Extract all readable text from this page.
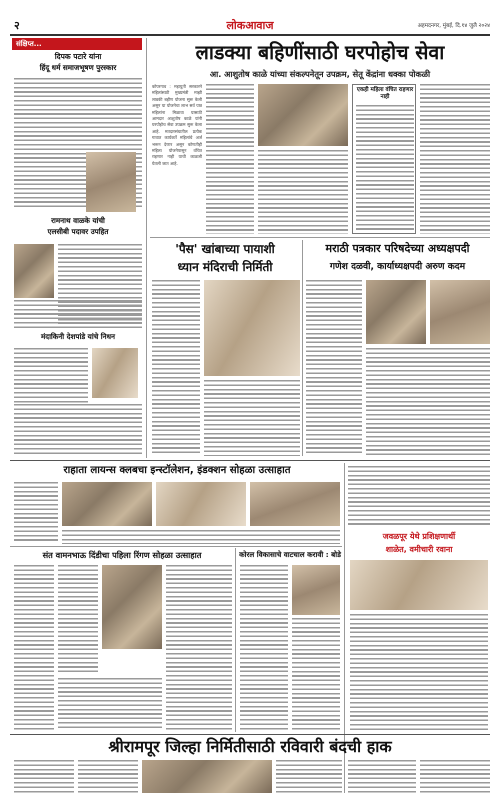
२	लोकआवाज	अहमदनगर, मुंबई, दि.१४ जुलै २०२४
संक्षिप्त...
दिपक पटारे यांना
हिंदू धर्म समाजभूषण पुरस्कार
रामनाथ वाळके यांची
एलसीबी पदावर उपहित
मंदाकिनी देशपांडे यांचे निधन
लाडक्या बहिणींसाठी घरपोहोच सेवा
आ. आशुतोष काळे यांच्या संकल्पनेतून उपक्रम, सेतू केंद्रांना धक्का पोकळी
कोपरगाव : महायुती सरकारने महिलांसाठी मुख्यमंत्री माझी लाडकी बहीण योजना सुरू केली असून या योजनेचा लाभ सर्व पात्र महिलांना मिळावा यासाठी आमदार आशुतोष काळे यांनी घरपोहोच सेवा उपक्रम सुरू केला आहे. मतदारसंघातील प्रत्येक गावात कार्यकर्ते महिलांचे अर्ज भरून देणार असून कोणतीही महिला योजनेपासून वंचित राहणार नाही याची काळजी घेतली जात आहे.
एकही महिला वंचित राहणार नाही
'पैस' खांबाच्या पायाशी
ध्यान मंदिराची निर्मिती
मराठी पत्रकार परिषदेच्या अध्यक्षपदी
गणेश दळवी, कार्याध्यक्षपदी अरुण कदम
राहाता लायन्स क्लबचा इन्स्टॉलेशन, इंडक्शन सोहळा उत्साहात
जवळपूर येथे प्रशिक्षणार्थी
शाळेत, वमीचारी रवाना
संत वामनभाऊ दिंडीचा पहिला रिंगण सोहळा उत्साहात	कोरल विकासाचे वाटचाल करावी : बोडे
श्रीरामपूर जिल्हा निर्मितीसाठी रविवारी बंदची हाक
